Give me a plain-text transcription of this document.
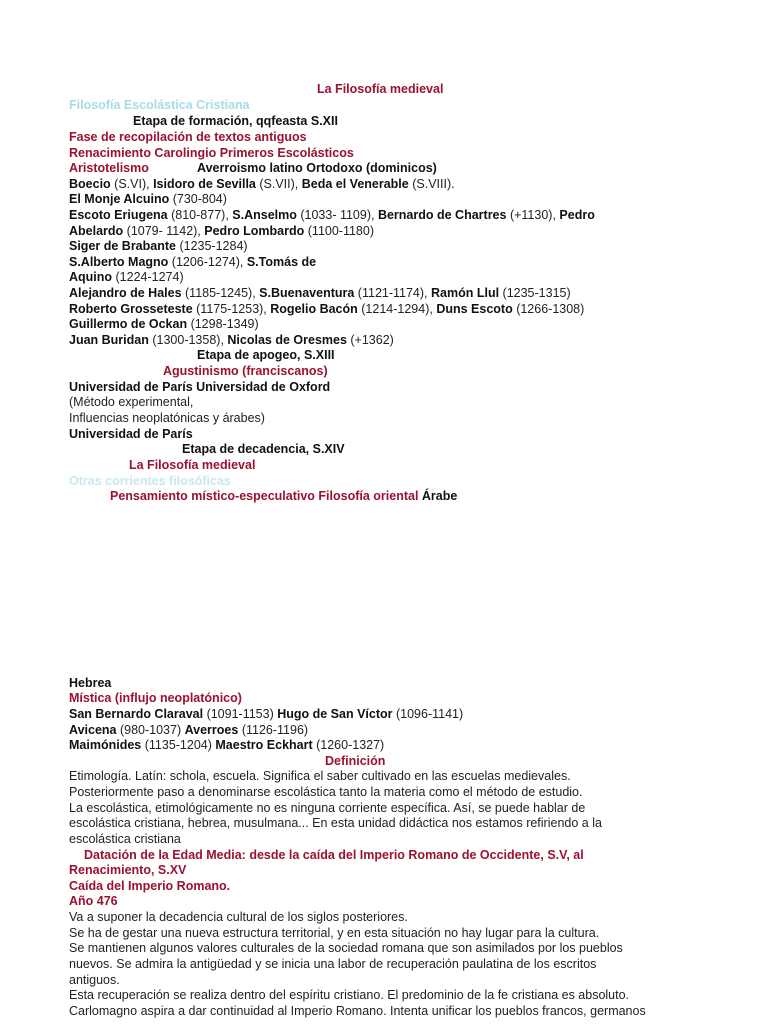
La Filosofía medieval
Filosofía Escolástica Cristiana
Etapa de formación, qqfeasta S.XII
Fase de recopilación de textos antiguos
Renacimiento Carolingio Primeros Escolásticos
Aristotelismo	Averroismo latino Ortodoxo (dominicos)
Boecio (S.VI), Isidoro de Sevilla (S.VII), Beda el Venerable (S.VIII).
El Monje Alcuino (730-804)
Escoto Eriugena (810-877), S.Anselmo (1033- 1109), Bernardo de Chartres (+1130), Pedro
Abelardo (1079- 1142), Pedro Lombardo (1100-1180)
Siger de Brabante (1235-1284)
S.Alberto Magno (1206-1274), S.Tomás de
Aquino (1224-1274)
Alejandro de Hales (1185-1245), S.Buenaventura (1121-1174), Ramón Llul (1235-1315)
Roberto Grosseteste (1175-1253), Rogelio Bacón (1214-1294), Duns Escoto (1266-1308)
Guillermo de Ockan (1298-1349)
Juan Buridan (1300-1358), Nicolas de Oresmes (+1362)
Etapa de apogeo, S.XIII
Agustinismo (franciscanos)
Universidad de París Universidad de Oxford
(Método experimental,
Influencias neoplatónicas y árabes)
Universidad de París
Etapa de decadencia, S.XIV
La Filosofía medieval
Otras corrientes filosóficas
Pensamiento místico-especulativo Filosofía oriental Árabe
Hebrea
Mística (influjo neoplatónico)
San Bernardo Claraval (1091-1153) Hugo de San Víctor (1096-1141)
Avicena (980-1037) Averroes (1126-1196)
Maimónides (1135-1204) Maestro Eckhart (1260-1327)
Definición
Etimología. Latín: schola, escuela. Significa el saber cultivado en las escuelas medievales.
Posteriormente paso a denominarse escolástica tanto la materia como el método de estudio.
La escolástica, etimológicamente no es ninguna corriente específica. Así, se puede hablar de
escolástica cristiana, hebrea, musulmana... En esta unidad didáctica nos estamos refiriendo a la
escolástica cristiana
Datación de la Edad Media: desde la caída del Imperio Romano de Occidente, S.V, al
Renacimiento, S.XV
Caída del Imperio Romano.
Año 476
Va a suponer la decadencia cultural de los siglos posteriores.
Se ha de gestar una nueva estructura territorial, y en esta situación no hay lugar para la cultura.
Se mantienen algunos valores culturales de la sociedad romana que son asimilados por los pueblos
nuevos. Se admira la antigüedad y se inicia una labor de recuperación paulatina de los escritos
antiguos.
Esta recuperación se realiza dentro del espíritu cristiano. El predominio de la fe cristiana es absoluto.
Carlomagno aspira a dar continuidad al Imperio Romano. Intenta unificar los pueblos francos, germanos
